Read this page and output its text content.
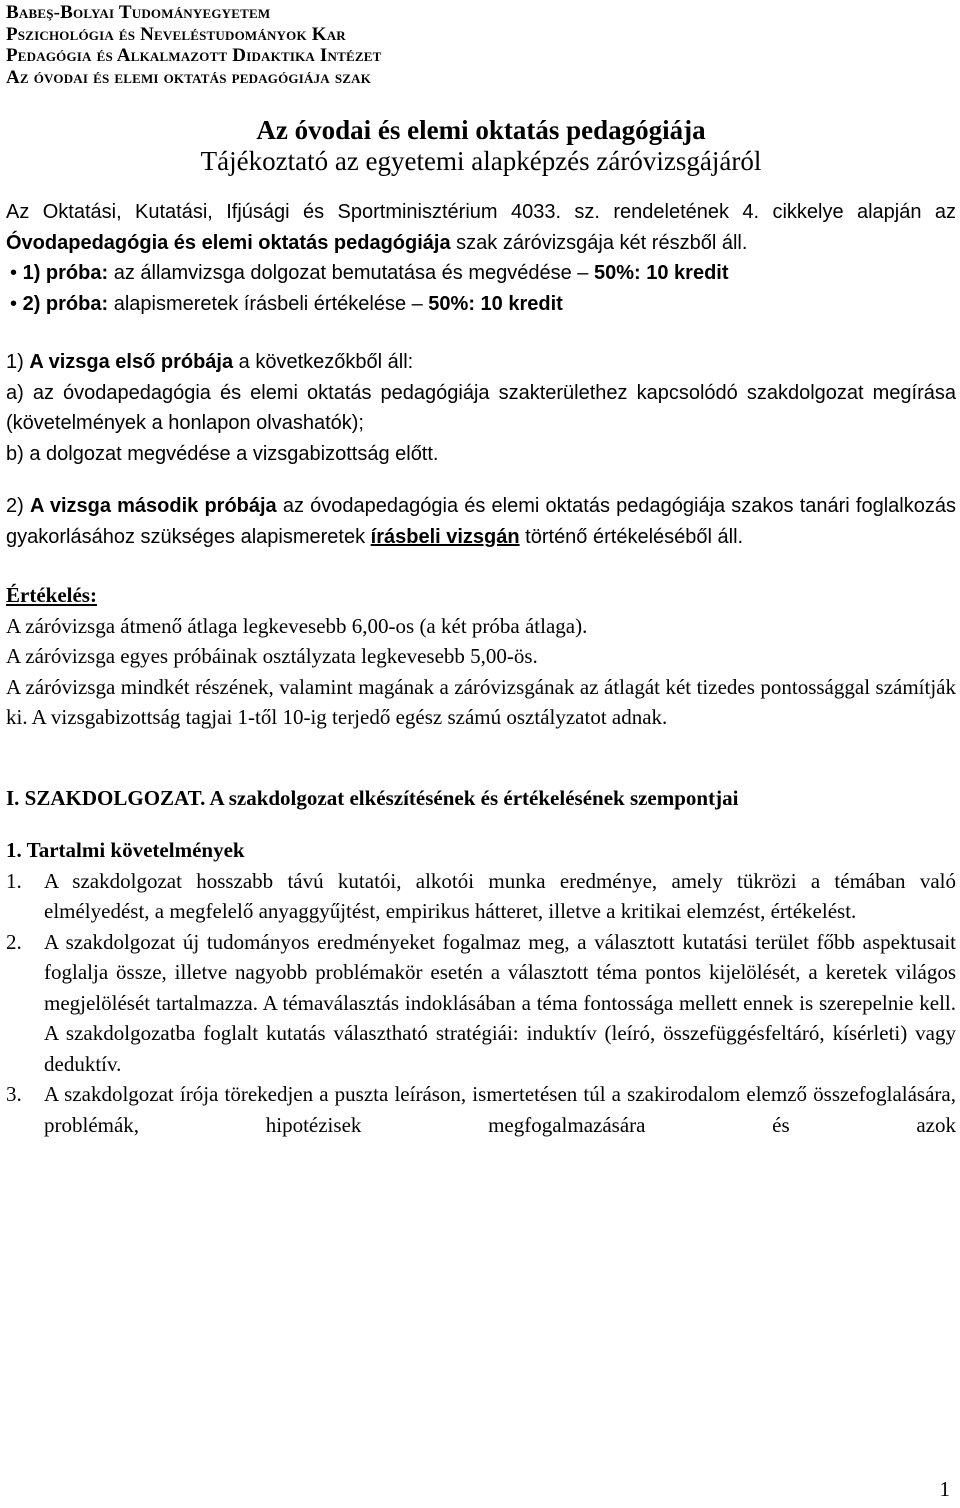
Babeş-Bolyai Tudományegyetem
Pszichológia és Neveléstudományok Kar
Pedagógia és Alkalmazott Didaktika Intézet
Az óvodai és elemi oktatás pedagógiája szak
Az óvodai és elemi oktatás pedagógiája
Tájékoztató az egyetemi alapképzés záróvizsgájáról
Az Oktatási, Kutatási, Ifjúsági és Sportminisztérium 4033. sz. rendeletének 4. cikkelye alapján az Óvodapedagógia és elemi oktatás pedagógiája szak záróvizsgája két részből áll.
• 1) próba: az államvizsga dolgozat bemutatása és megvédése – 50%: 10 kredit
• 2) próba: alapismeretek írásbeli értékelése – 50%: 10 kredit
1) A vizsga első próbája a következőkből áll:
a) az óvodapedagógia és elemi oktatás pedagógiája szakterülethez kapcsolódó szakdolgozat megírása (követelmények a honlapon olvashatók);
b) a dolgozat megvédése a vizsgabizottság előtt.
2) A vizsga második próbája az óvodapedagógia és elemi oktatás pedagógiája szakos tanári foglalkozás gyakorlásához szükséges alapismeretek írásbeli vizsgán történő értékeléséből áll.
Értékelés:
A záróvizsga átmenő átlaga legkevesebb 6,00-os (a két próba átlaga).
A záróvizsga egyes próbáinak osztályzata legkevesebb 5,00-ös.
A záróvizsga mindkét részének, valamint magának a záróvizsgának az átlagát két tizedes pontossággal számítják ki. A vizsgabizottság tagjai 1-től 10-ig terjedő egész számú osztályzatot adnak.
I. SZAKDOLGOZAT. A szakdolgozat elkészítésének és értékelésének szempontjai
1. Tartalmi követelmények
1. A szakdolgozat hosszabb távú kutatói, alkotói munka eredménye, amely tükrözi a témában való elmélyedést, a megfelelő anyaggyűjtést, empirikus hátteret, illetve a kritikai elemzést, értékelést.
2. A szakdolgozat új tudományos eredményeket fogalmaz meg, a választott kutatási terület főbb aspektusait foglalja össze, illetve nagyobb problémakör esetén a választott téma pontos kijelölését, a keretek világos megjelölését tartalmazza. A témaválasztás indoklásában a téma fontossága mellett ennek is szerepelnie kell. A szakdolgozatba foglalt kutatás választható stratégiái: induktív (leíró, összefüggésfeltáró, kísérleti) vagy deduktív.
3. A szakdolgozat írója törekedjen a puszta leíráson, ismertetésen túl a szakirodalom elemző összefoglalására, problémák, hipotézisek megfogalmazására és azok
1
